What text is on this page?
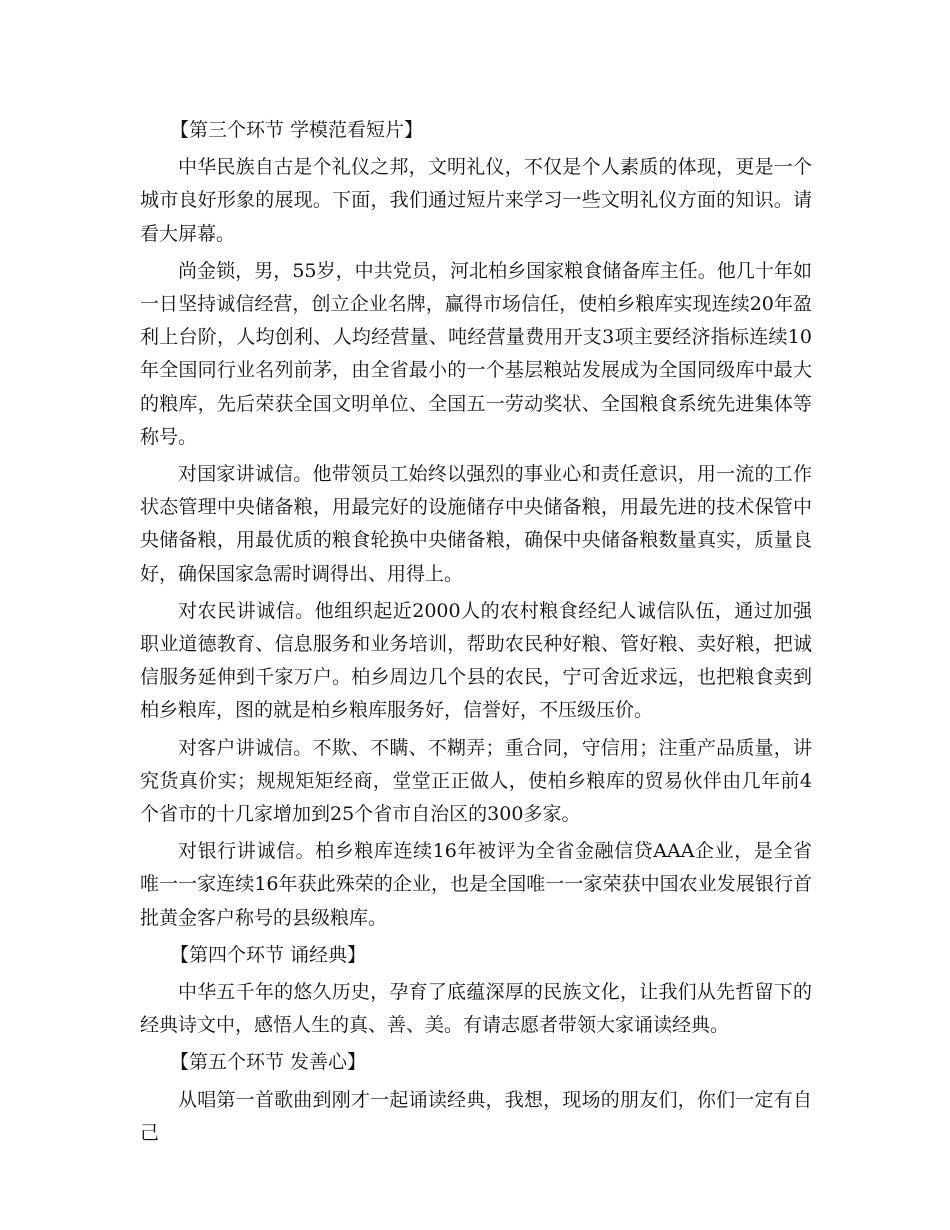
【第三个环节 学模范看短片】

中华民族自古是个礼仪之邦，文明礼仪，不仅是个人素质的体现，更是一个城市良好形象的展现。下面，我们通过短片来学习一些文明礼仪方面的知识。请看大屏幕。

尚金锁，男，55岁，中共党员，河北柏乡国家粮食储备库主任。他几十年如一日坚持诚信经营，创立企业名牌，赢得市场信任，使柏乡粮库实现连续20年盈利上台阶，人均创利、人均经营量、吨经营量费用开支3项主要经济指标连续10年全国同行业名列前茅，由全省最小的一个基层粮站发展成为全国同级库中最大的粮库，先后荣获全国文明单位、全国五一劳动奖状、全国粮食系统先进集体等称号。

对国家讲诚信。他带领员工始终以强烈的事业心和责任意识，用一流的工作状态管理中央储备粮，用最完好的设施储存中央储备粮，用最先进的技术保管中央储备粮，用最优质的粮食轮换中央储备粮，确保中央储备粮数量真实，质量良好，确保国家急需时调得出、用得上。

对农民讲诚信。他组织起近2000人的农村粮食经纪人诚信队伍，通过加强职业道德教育、信息服务和业务培训，帮助农民种好粮、管好粮、卖好粮，把诚信服务延伸到千家万户。柏乡周边几个县的农民，宁可舍近求远，也把粮食卖到柏乡粮库，图的就是柏乡粮库服务好，信誉好，不压级压价。

对客户讲诚信。不欺、不瞒、不糊弄；重合同，守信用；注重产品质量，讲究货真价实；规规矩矩经商，堂堂正正做人，使柏乡粮库的贸易伙伴由几年前4个省市的十几家增加到25个省市自治区的300多家。

对银行讲诚信。柏乡粮库连续16年被评为全省金融信贷AAA企业，是全省唯一一家连续16年获此殊荣的企业，也是全国唯一一家荣获中国农业发展银行首批黄金客户称号的县级粮库。

【第四个环节 诵经典】

中华五千年的悠久历史，孕育了底蕴深厚的民族文化，让我们从先哲留下的经典诗文中，感悟人生的真、善、美。有请志愿者带领大家诵读经典。

【第五个环节 发善心】

从唱第一首歌曲到刚才一起诵读经典，我想，现场的朋友们，你们一定有自己
